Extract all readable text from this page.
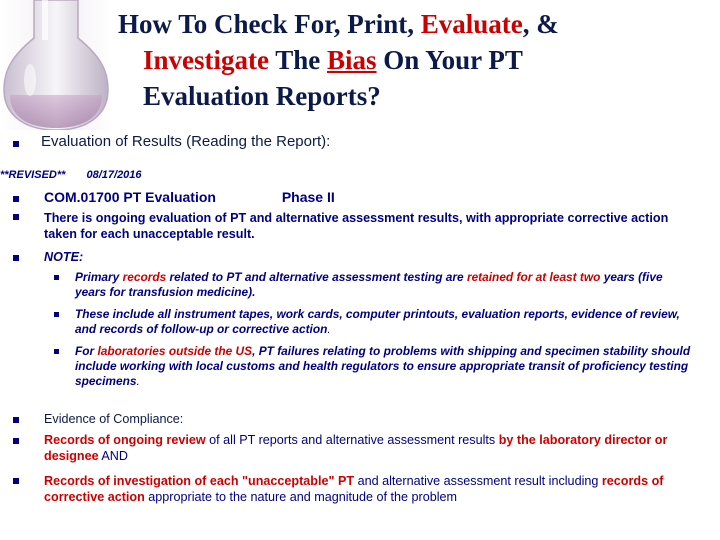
How To Check For, Print, Evaluate, &
Investigate The Bias On Your PT
Evaluation Reports?
Evaluation of Results (Reading the Report):
**REVISED** 08/17/2016
COM.01700 PT Evaluation	Phase II
There is ongoing evaluation of PT and alternative assessment results, with appropriate corrective action taken for each unacceptable result.
NOTE:
Primary records related to PT and alternative assessment testing are retained for at least two years (five years for transfusion medicine).
These include all instrument tapes, work cards, computer printouts, evaluation reports, evidence of review, and records of follow-up or corrective action.
For laboratories outside the US, PT failures relating to problems with shipping and specimen stability should include working with local customs and health regulators to ensure appropriate transit of proficiency testing specimens.
Evidence of Compliance:
Records of ongoing review of all PT reports and alternative assessment results by the laboratory director or designee AND
Records of investigation of each "unacceptable" PT and alternative assessment result including records of corrective action appropriate to the nature and magnitude of the problem
